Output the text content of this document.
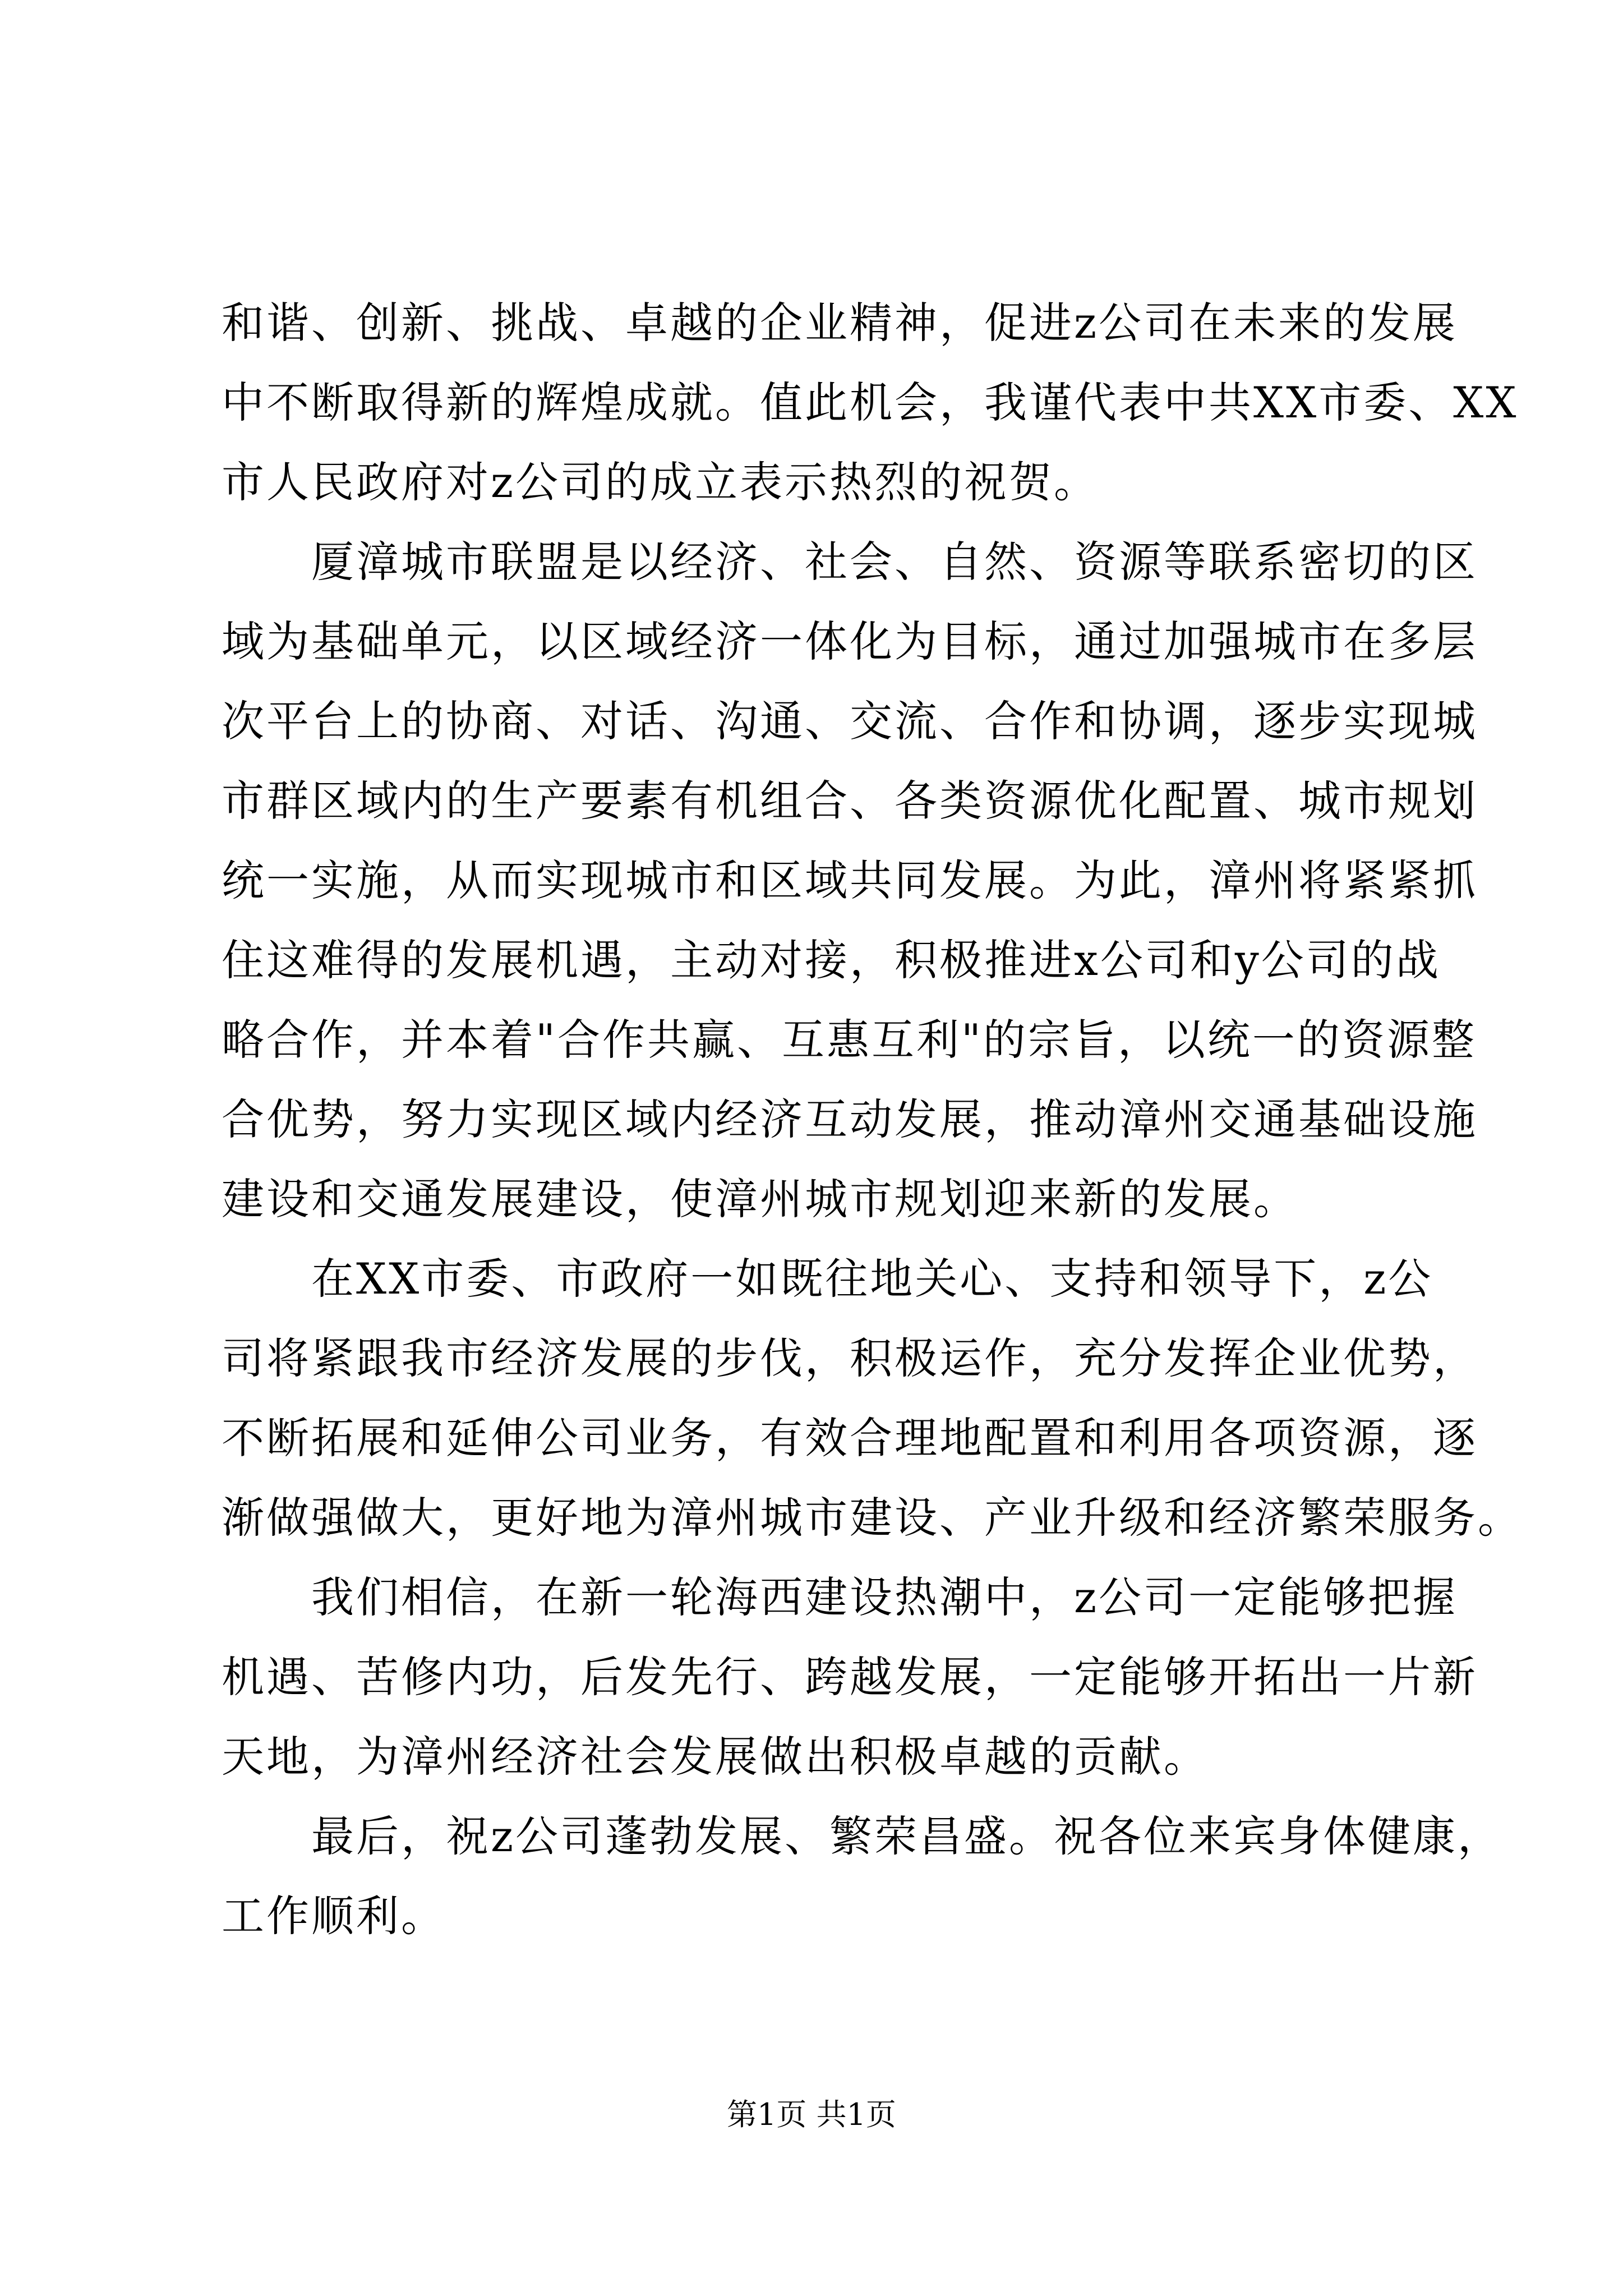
和谐、创新、挑战、卓越的企业精神，促进z公司在未来的发展
中不断取得新的辉煌成就。值此机会，我谨代表中共XX市委、XX
市人民政府对z公司的成立表示热烈的祝贺。
厦漳城市联盟是以经济、社会、自然、资源等联系密切的区
域为基础单元，以区域经济一体化为目标，通过加强城市在多层
次平台上的协商、对话、沟通、交流、合作和协调，逐步实现城
市群区域内的生产要素有机组合、各类资源优化配置、城市规划
统一实施，从而实现城市和区域共同发展。为此，漳州将紧紧抓
住这难得的发展机遇，主动对接，积极推进x公司和y公司的战
略合作，并本着"合作共赢、互惠互利"的宗旨，以统一的资源整
合优势，努力实现区域内经济互动发展，推动漳州交通基础设施
建设和交通发展建设，使漳州城市规划迎来新的发展。
在XX市委、市政府一如既往地关心、支持和领导下，z公
司将紧跟我市经济发展的步伐，积极运作，充分发挥企业优势，
不断拓展和延伸公司业务，有效合理地配置和利用各项资源，逐
渐做强做大，更好地为漳州城市建设、产业升级和经济繁荣服务。
我们相信，在新一轮海西建设热潮中，z公司一定能够把握
机遇、苦修内功，后发先行、跨越发展，一定能够开拓出一片新
天地，为漳州经济社会发展做出积极卓越的贡献。
最后，祝z公司蓬勃发展、繁荣昌盛。祝各位来宾身体健康，
工作顺利。
第1页 共1页
